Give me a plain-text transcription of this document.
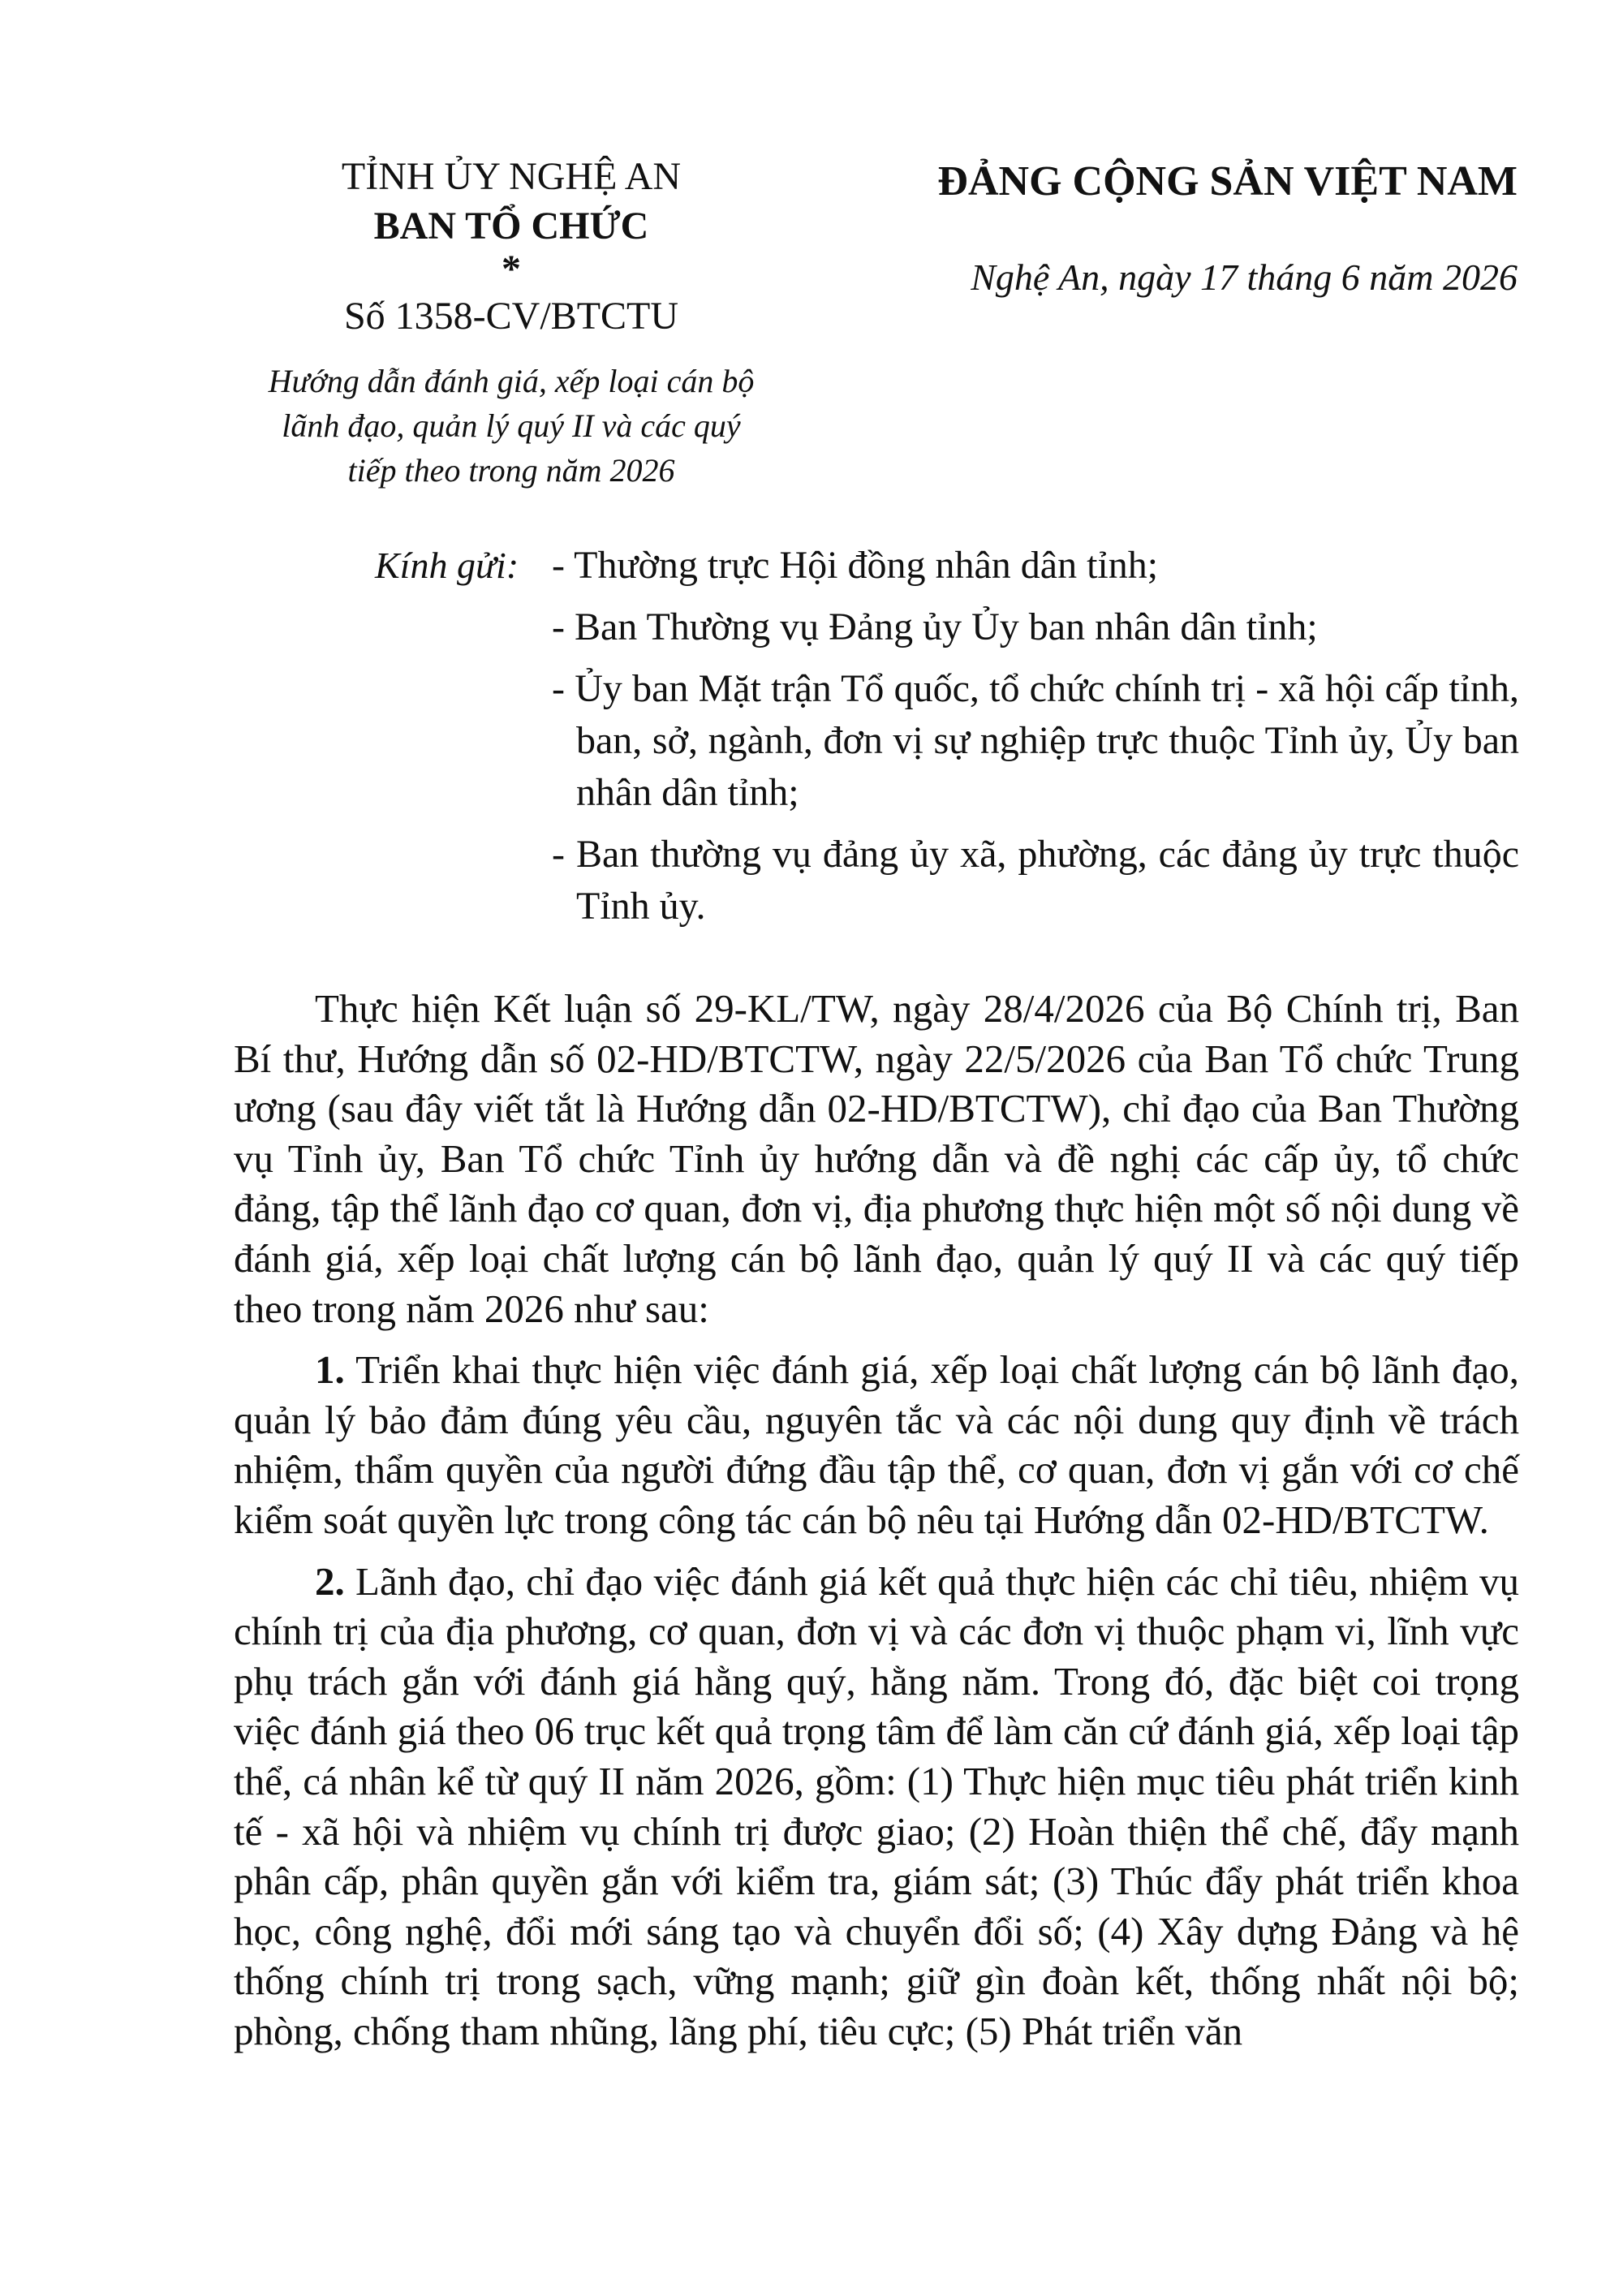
TỈNH ỦY NGHỆ AN
BAN TỔ CHỨC
*
Số 1358-CV/BTCTU
Hướng dẫn đánh giá, xếp loại cán bộ
lãnh đạo, quản lý quý II và các quý
tiếp theo trong năm 2026
ĐẢNG CỘNG SẢN VIỆT NAM
Nghệ An, ngày 17 tháng 6 năm 2026
Kính gửi: - Thường trực Hội đồng nhân dân tỉnh;
- Ban Thường vụ Đảng ủy Ủy ban nhân dân tỉnh;
- Ủy ban Mặt trận Tổ quốc, tổ chức chính trị - xã hội cấp tỉnh, ban, sở, ngành, đơn vị sự nghiệp trực thuộc Tỉnh ủy, Ủy ban nhân dân tỉnh;
- Ban thường vụ đảng ủy xã, phường, các đảng ủy trực thuộc Tỉnh ủy.

Thực hiện Kết luận số 29-KL/TW, ngày 28/4/2026 của Bộ Chính trị, Ban Bí thư, Hướng dẫn số 02-HD/BTCTW, ngày 22/5/2026 của Ban Tổ chức Trung ương (sau đây viết tắt là Hướng dẫn 02-HD/BTCTW), chỉ đạo của Ban Thường vụ Tỉnh ủy, Ban Tổ chức Tỉnh ủy hướng dẫn và đề nghị các cấp ủy, tổ chức đảng, tập thể lãnh đạo cơ quan, đơn vị, địa phương thực hiện một số nội dung về đánh giá, xếp loại chất lượng cán bộ lãnh đạo, quản lý quý II và các quý tiếp theo trong năm 2026 như sau:

1. Triển khai thực hiện việc đánh giá, xếp loại chất lượng cán bộ lãnh đạo, quản lý bảo đảm đúng yêu cầu, nguyên tắc và các nội dung quy định về trách nhiệm, thẩm quyền của người đứng đầu tập thể, cơ quan, đơn vị gắn với cơ chế kiểm soát quyền lực trong công tác cán bộ nêu tại Hướng dẫn 02-HD/BTCTW.

2. Lãnh đạo, chỉ đạo việc đánh giá kết quả thực hiện các chỉ tiêu, nhiệm vụ chính trị của địa phương, cơ quan, đơn vị và các đơn vị thuộc phạm vi, lĩnh vực phụ trách gắn với đánh giá hằng quý, hằng năm. Trong đó, đặc biệt coi trọng việc đánh giá theo 06 trục kết quả trọng tâm để làm căn cứ đánh giá, xếp loại tập thể, cá nhân kể từ quý II năm 2026, gồm: (1) Thực hiện mục tiêu phát triển kinh tế - xã hội và nhiệm vụ chính trị được giao; (2) Hoàn thiện thể chế, đẩy mạnh phân cấp, phân quyền gắn với kiểm tra, giám sát; (3) Thúc đẩy phát triển khoa học, công nghệ, đổi mới sáng tạo và chuyển đổi số; (4) Xây dựng Đảng và hệ thống chính trị trong sạch, vững mạnh; giữ gìn đoàn kết, thống nhất nội bộ; phòng, chống tham nhũng, lãng phí, tiêu cực; (5) Phát triển văn
